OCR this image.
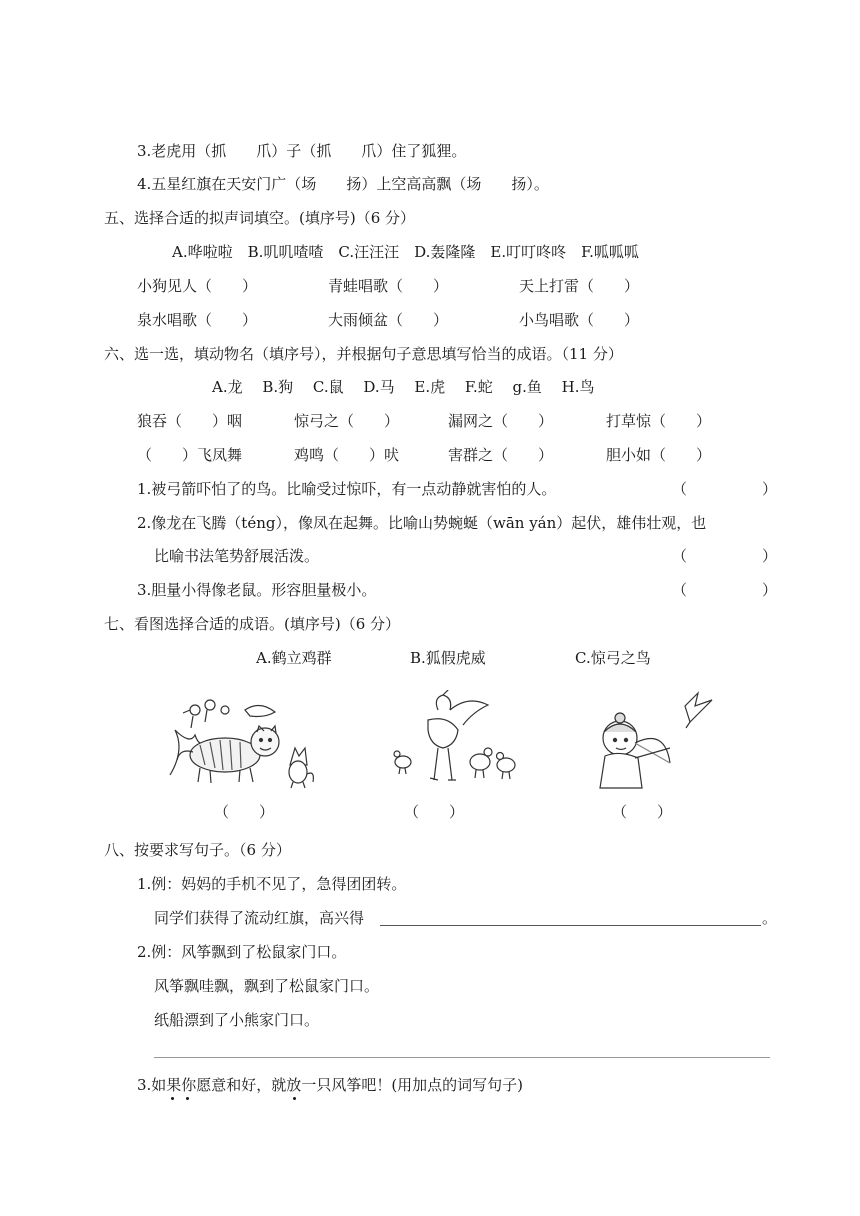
3.老虎用（抓　　爪）子（抓　　爪）住了狐狸。
4.五星红旗在天安门广（场　　扬）上空高高飘（场　　扬）。
五、选择合适的拟声词填空。(填序号)（6 分）
A.哗啦啦　B.叽叽喳喳　C.汪汪汪　D.轰隆隆　E.叮叮咚咚　F.呱呱呱
小狗见人（　　）	青蛙唱歌（　　）	天上打雷（　　）
泉水唱歌（　　）	大雨倾盆（　　）	小鸟唱歌（　　）
六、选一选，填动物名（填序号），并根据句子意思填写恰当的成语。（11 分）
A.龙　 B.狗　 C.鼠　 D.马　 E.虎　 F.蛇　 g.鱼　 H.鸟
狼吞（　　）咽	惊弓之（　　）	漏网之（　　）	打草惊（　　）
（　　）飞凤舞	鸡鸣（　　）吠	害群之（　　）	胆小如（　　）
1.被弓箭吓怕了的鸟。比喻受过惊吓，有一点动静就害怕的人。	（　　　　　）
2.像龙在飞腾（téng），像凤在起舞。比喻山势蜿蜒（wān yán）起伏，雄伟壮观，也
比喻书法笔势舒展活泼。	（　　　　　）
3.胆量小得像老鼠。形容胆量极小。	（　　　　　）
七、看图选择合适的成语。(填序号)（6 分）
A.鹤立鸡群	B.狐假虎威	C.惊弓之鸟
（　　）	（　　）	（　　）
八、按要求写句子。（6 分）
1.例：妈妈的手机不见了，急得团团转。
同学们获得了流动红旗，高兴得	。
2.例：风筝飘到了松鼠家门口。
风筝飘哇飘，飘到了松鼠家门口。
纸船漂到了小熊家门口。
3.如果你愿意和好，就放一只风筝吧！(用加点的词写句子)
